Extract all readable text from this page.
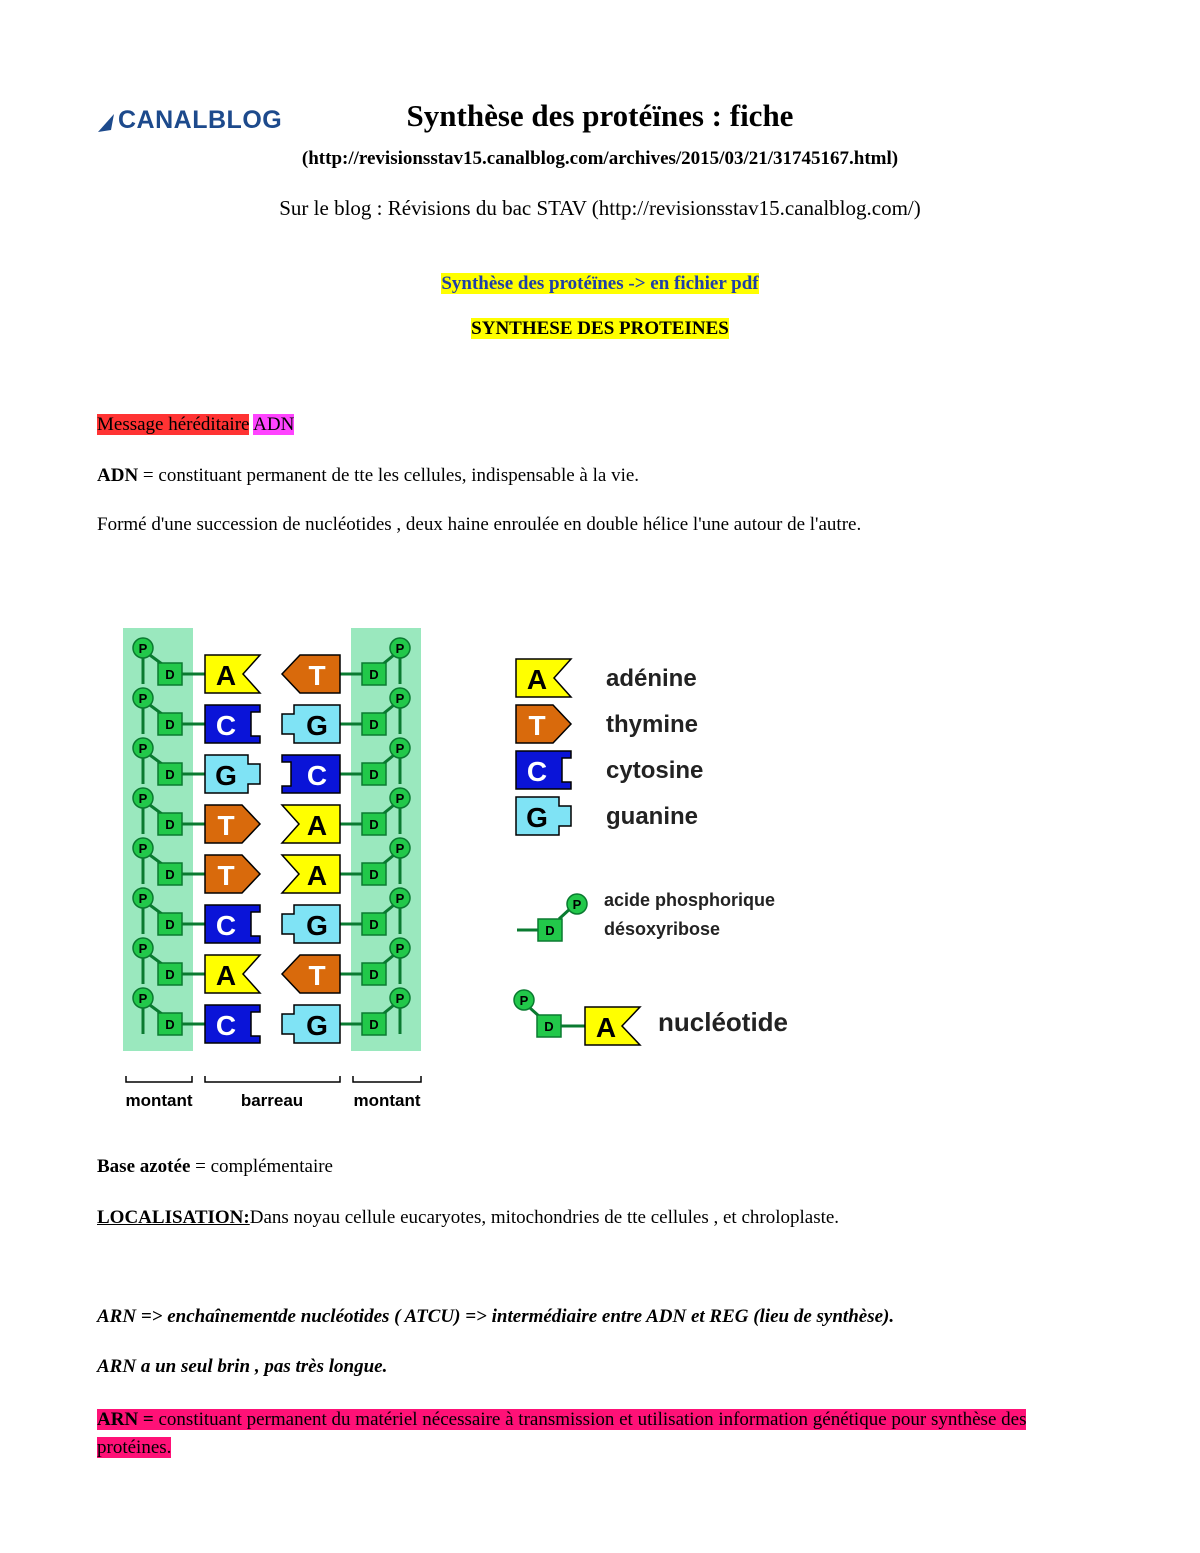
CANALBLOG	Synthèse des protéïnes : fiche
(http://revisionsstav15.canalblog.com/archives/2015/03/21/31745167.html)
Sur le blog : Révisions du bac STAV (http://revisionsstav15.canalblog.com/)
Synthèse des protéïnes -> en fichier pdf
SYNTHESE DES PROTEINES
Message héréditaire ADN
ADN = constituant permanent de tte les cellules, indispensable à la vie.
Formé d'une succession de nucléotides , deux haine enroulée en double hélice l'une autour de l'autre.
P	P
D	D
A	T
P	P
D	D
C G
P	P
D	D
G C
P	P
D	D
T	A
P	P
D	D
T	A
P	P
D	D
C G
P	P
D	D
A	T
P	P
D	D
C G
A adénine
T	thymine
C cytosine
G guanine
D
P acide phosphorique
désoxyribose
P
D A nucléotide
montant	barreau	montant
Base azotée = complémentaire
LOCALISATION:Dans noyau cellule eucaryotes, mitochondries de tte cellules , et chroloplaste.
ARN => enchaînementde nucléotides ( ATCU) => intermédiaire entre ADN et REG (lieu de synthèse).
ARN a un seul brin , pas très longue.
ARN = constituant permanent du matériel nécessaire à transmission et utilisation information génétique pour synthèse des protéines.
